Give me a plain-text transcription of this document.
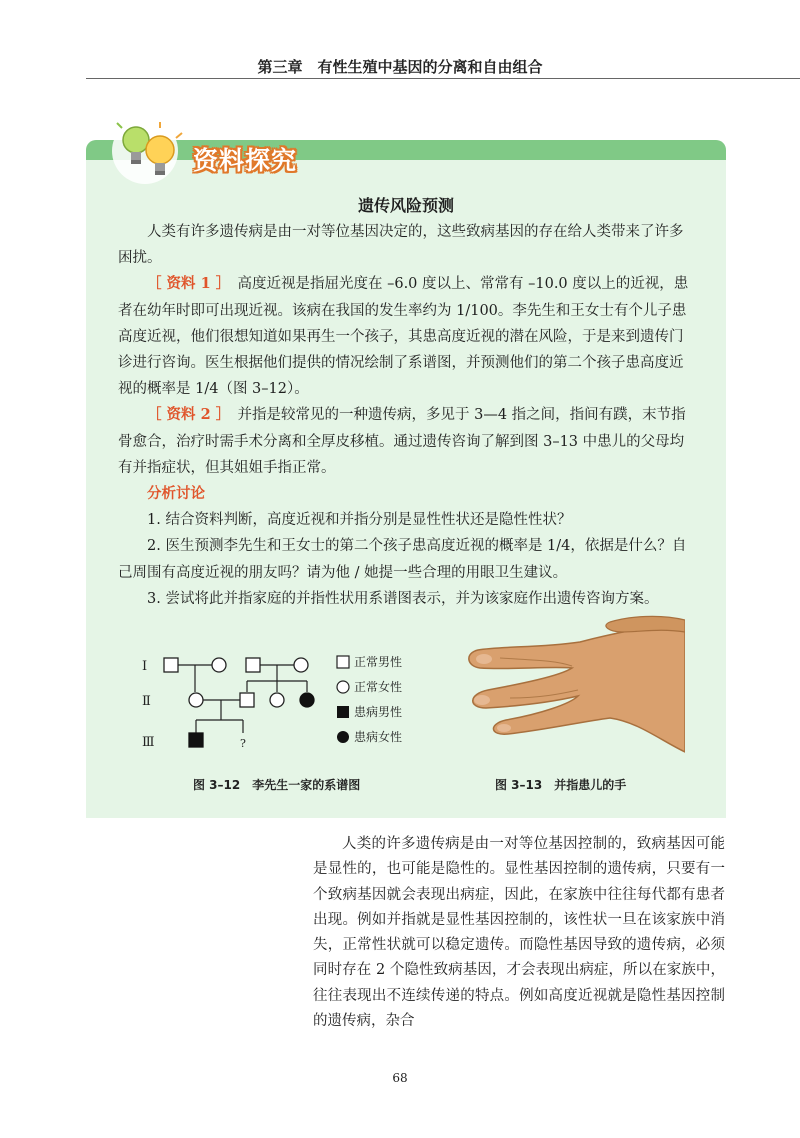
第三章　有性生殖中基因的分离和自由组合
资料探究
遗传风险预测

人类有许多遗传病是由一对等位基因决定的，这些致病基因的存在给人类带来了许多困扰。

［ 资料 1 ］　高度近视是指屈光度在 –6.0 度以上、常常有 –10.0 度以上的近视，患者在幼年时即可出现近视。该病在我国的发生率约为 1/100。李先生和王女士有个儿子患高度近视，他们很想知道如果再生一个孩子，其患高度近视的潜在风险，于是来到遗传门诊进行咨询。医生根据他们提供的情况绘制了系谱图，并预测他们的第二个孩子患高度近视的概率是 1/4（图 3–12）。

［ 资料 2 ］　并指是较常见的一种遗传病，多见于 3—4 指之间，指间有蹼，末节指骨愈合，治疗时需手术分离和全厚皮移植。通过遗传咨询了解到图 3–13 中患儿的父母均有并指症状，但其姐姐手指正常。

分析讨论

1. 结合资料判断，高度近视和并指分别是显性性状还是隐性性状？

2. 医生预测李先生和王女士的第二个孩子患高度近视的概率是 1/4，依据是什么？自己周围有高度近视的朋友吗？请为他 / 她提一些合理的用眼卫生建议。

3. 尝试将此并指家庭的并指性状用系谱图表示，并为该家庭作出遗传咨询方案。

?
Ⅰ
Ⅱ
Ⅲ
正常男性
正常女性
患病男性
患病女性
图 3–12　李先生一家的系谱图	图 3–13　并指患儿的手

人类的许多遗传病是由一对等位基因控制的，致病基因可能是显性的，也可能是隐性的。显性基因控制的遗传病，只要有一个致病基因就会表现出病症，因此，在家族中往往每代都有患者出现。例如并指就是显性基因控制的，该性状一旦在该家族中消失，正常性状就可以稳定遗传。而隐性基因导致的遗传病，必须同时存在 2 个隐性致病基因，才会表现出病症，所以在家族中，往往表现出不连续传递的特点。例如高度近视就是隐性基因控制的遗传病，杂合

68
